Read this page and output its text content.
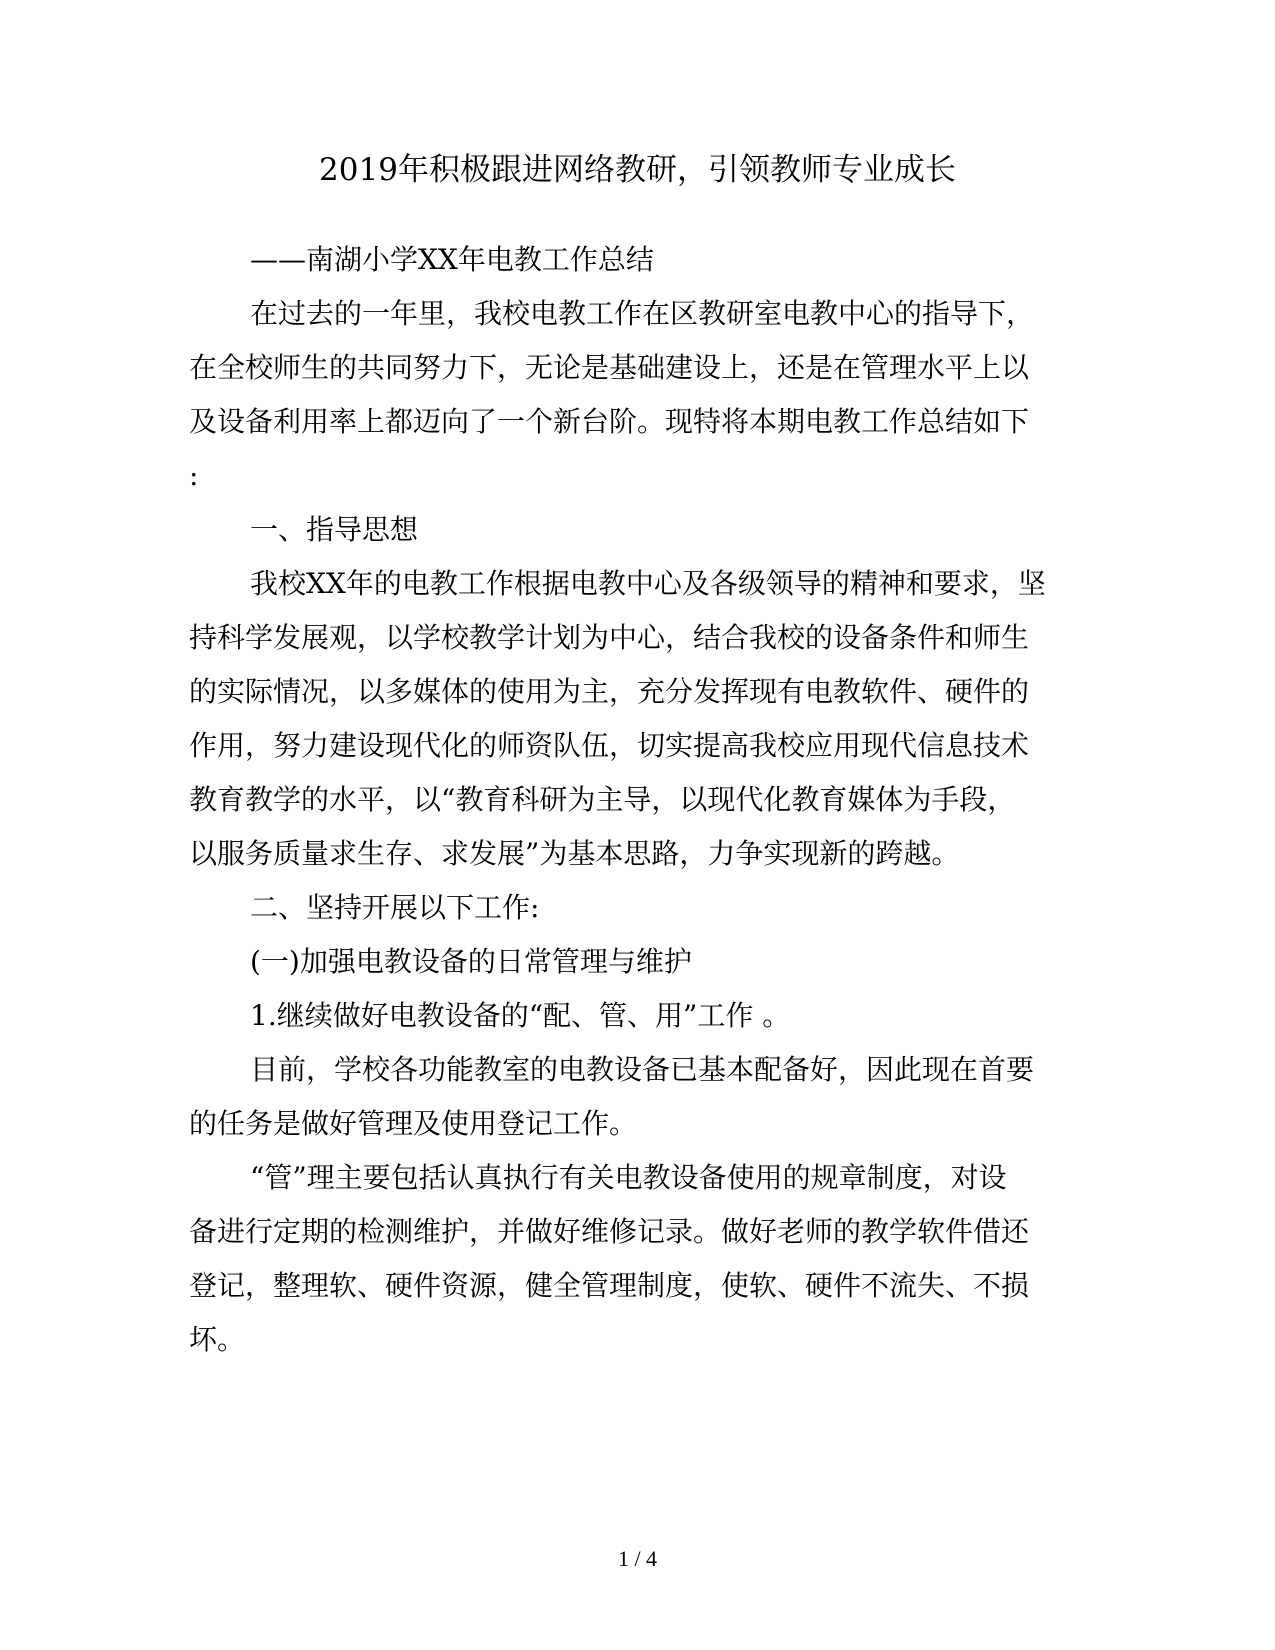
2019年积极跟进网络教研，引领教师专业成长
——南湖小学XX年电教工作总结
在过去的一年里，我校电教工作在区教研室电教中心的指导下，
在全校师生的共同努力下，无论是基础建设上，还是在管理水平上以
及设备利用率上都迈向了一个新台阶。现特将本期电教工作总结如下
:
一、指导思想
我校XX年的电教工作根据电教中心及各级领导的精神和要求，坚
持科学发展观，以学校教学计划为中心，结合我校的设备条件和师生
的实际情况，以多媒体的使用为主，充分发挥现有电教软件、硬件的
作用，努力建设现代化的师资队伍，切实提高我校应用现代信息技术
教育教学的水平，以“教育科研为主导，以现代化教育媒体为手段，
以服务质量求生存、求发展”为基本思路，力争实现新的跨越。
二、坚持开展以下工作:
(一)加强电教设备的日常管理与维护
1.继续做好电教设备的“配、管、用”工作 。
目前，学校各功能教室的电教设备已基本配备好，因此现在首要
的任务是做好管理及使用登记工作。
“管”理主要包括认真执行有关电教设备使用的规章制度，对设
备进行定期的检测维护，并做好维修记录。做好老师的教学软件借还
登记，整理软、硬件资源，健全管理制度，使软、硬件不流失、不损
坏。
1 / 4
